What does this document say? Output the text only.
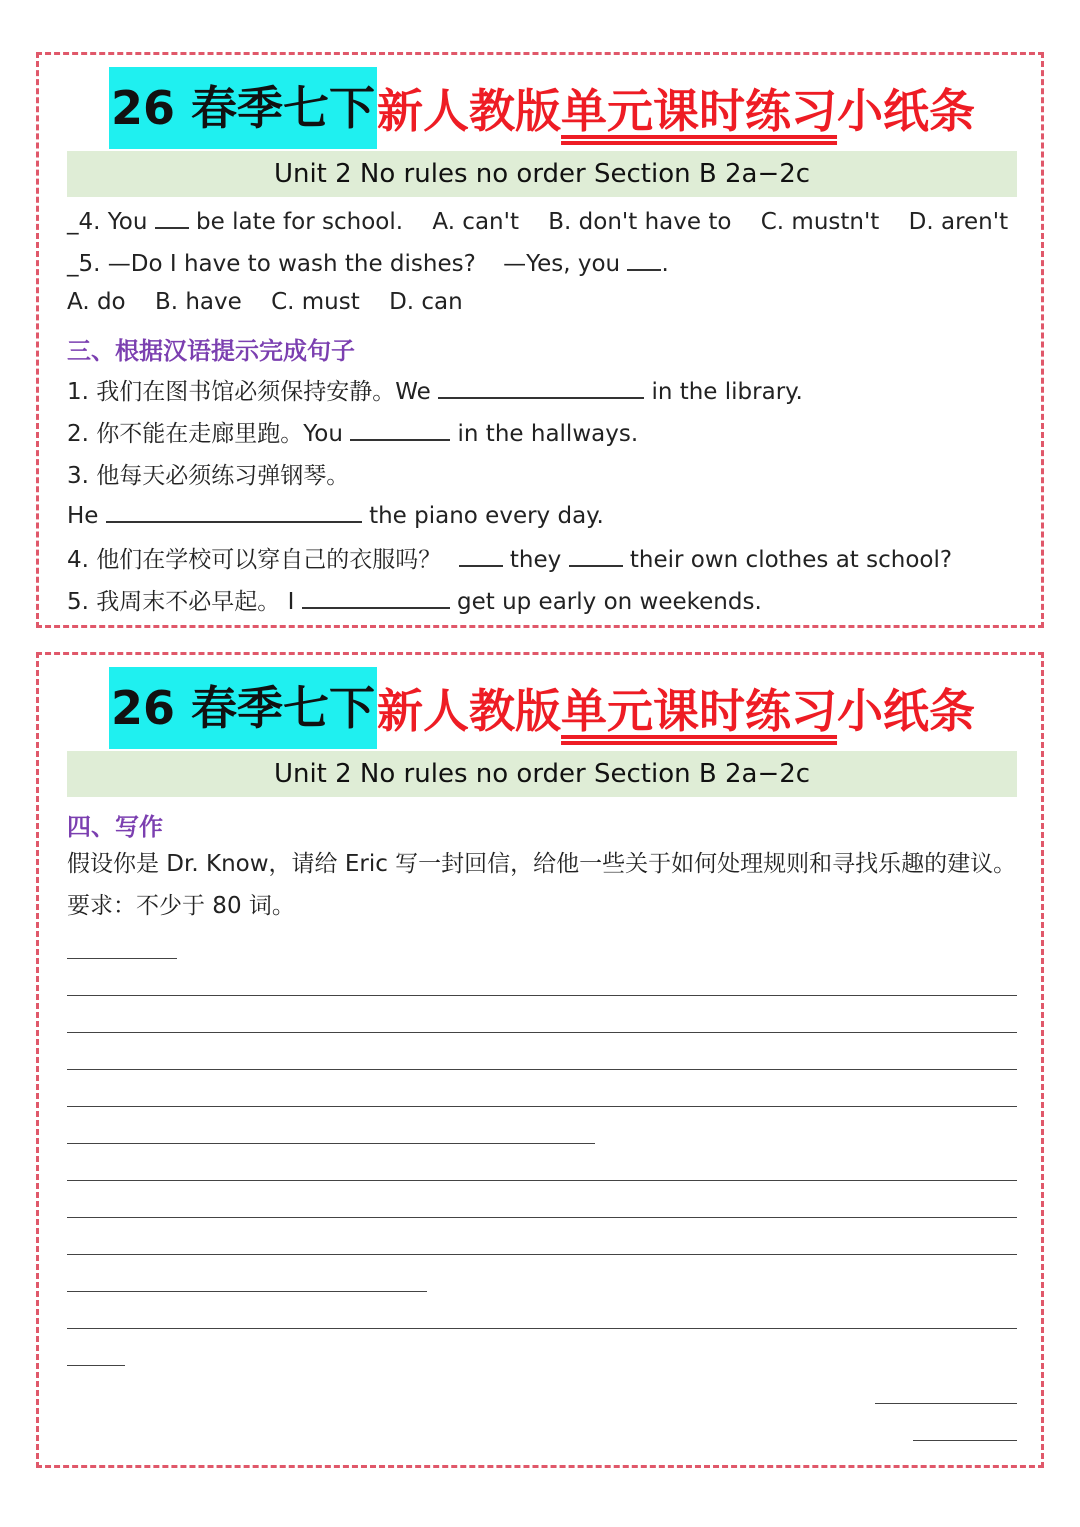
26 春季七下 新人教版 单元课时练习 小纸条
Unit 2 No rules no order Section B 2a−2c
_4. You be late for school. A. can't B. don't have to C. mustn't D. aren't
_5. —Do I have to wash the dishes? —Yes, you .
A. do B. have C. must D. can
三、根据汉语提示完成句子
1. 我们在图书馆必须保持安静。We	in the library.
2. 你不能在走廊里跑。You	in the hallways.
3. 他每天必须练习弹钢琴。
He	the piano every day.
4. 他们在学校可以穿自己的衣服吗？	they	their own clothes at school?
5. 我周末不必早起。 I	get up early on weekends.
26 春季七下 新人教版 单元课时练习 小纸条
Unit 2 No rules no order Section B 2a−2c
四、写作
假设你是 Dr. Know，请给 Eric 写一封回信，给他一些关于如何处理规则和寻找乐趣的建议。要求：不少于 80 词。
